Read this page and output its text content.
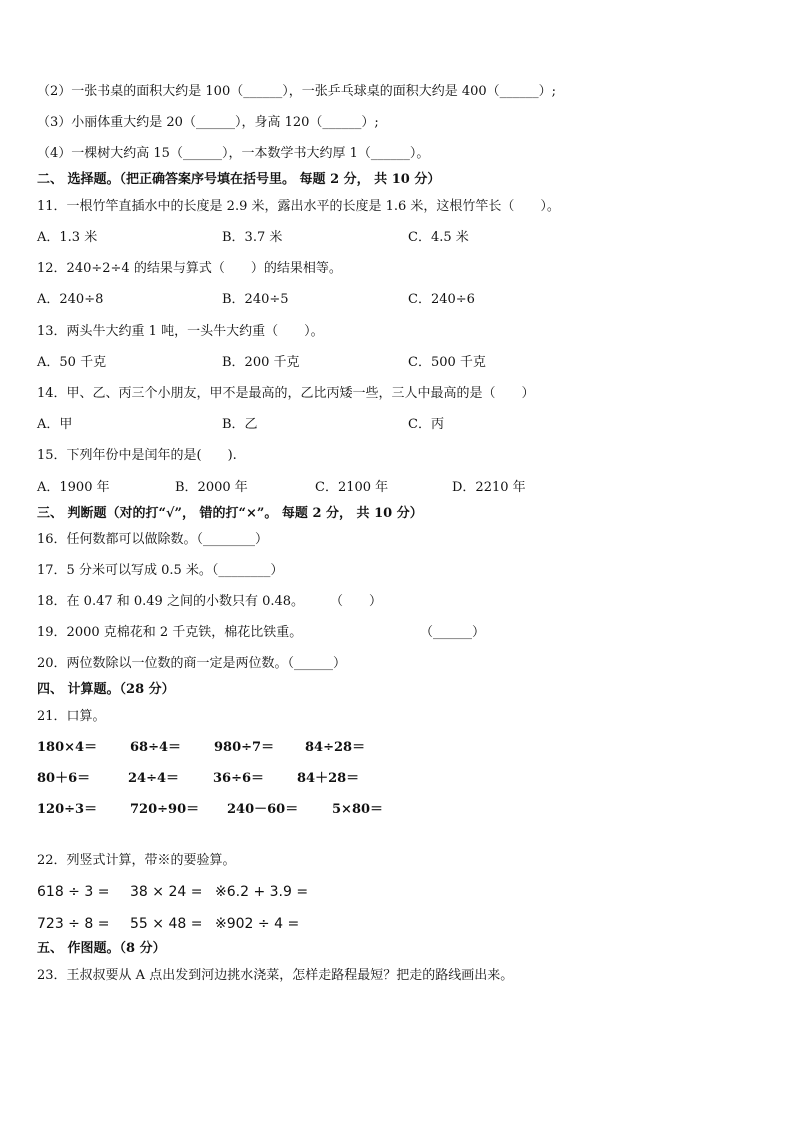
（2）一张书桌的面积大约是 100（______），一张乒乓球桌的面积大约是 400（______）;
（3）小丽体重大约是 20（______），身高 120（______）;
（4）一棵树大约高 15（______），一本数学书大约厚 1（______）。
二、 选择题。（把正确答案序号填在括号里。 每题 2 分， 共 10 分）
11．一根竹竿直插水中的长度是 2.9 米，露出水平的长度是 1.6 米，这根竹竿长（　　）。
A．1.3 米	B．3.7 米	C．4.5 米
12．240÷2÷4 的结果与算式（　　）的结果相等。
A．240÷8	B．240÷5	C．240÷6
13．两头牛大约重 1 吨，一头牛大约重（　　）。
A．50 千克	B．200 千克	C．500 千克
14．甲、乙、丙三个小朋友，甲不是最高的，乙比丙矮一些，三人中最高的是（　　）
A．甲	B．乙	C．丙
15．下列年份中是闰年的是(　　).
A．1900 年	B．2000 年	C．2100 年	D．2210 年
三、 判断题（对的打“√”， 错的打“×”。 每题 2 分， 共 10 分）
16．任何数都可以做除数。（________）
17．5 分米可以写成 0.5 米。（________）
18．在 0.47 和 0.49 之间的小数只有 0.48。 （　　）
19．2000 克棉花和 2 千克铁，棉花比铁重。	（______）
20．两位数除以一位数的商一定是两位数。（______）
四、 计算题。（28 分）
21．口算。
180×4＝	68÷4＝	980÷7＝ 84÷28＝
80＋6＝	24÷4＝	36÷6＝	84＋28＝
120÷3＝	720÷90＝ 240－60＝	5×80＝
22．列竖式计算，带※的要验算。
618 ÷ 3 = 38 × 24 = ※6.2 + 3.9 =
723 ÷ 8 = 55 × 48 = ※902 ÷ 4 =
五、 作图题。（8 分）
23．王叔叔要从 A 点出发到河边挑水浇菜，怎样走路程最短？把走的路线画出来。
